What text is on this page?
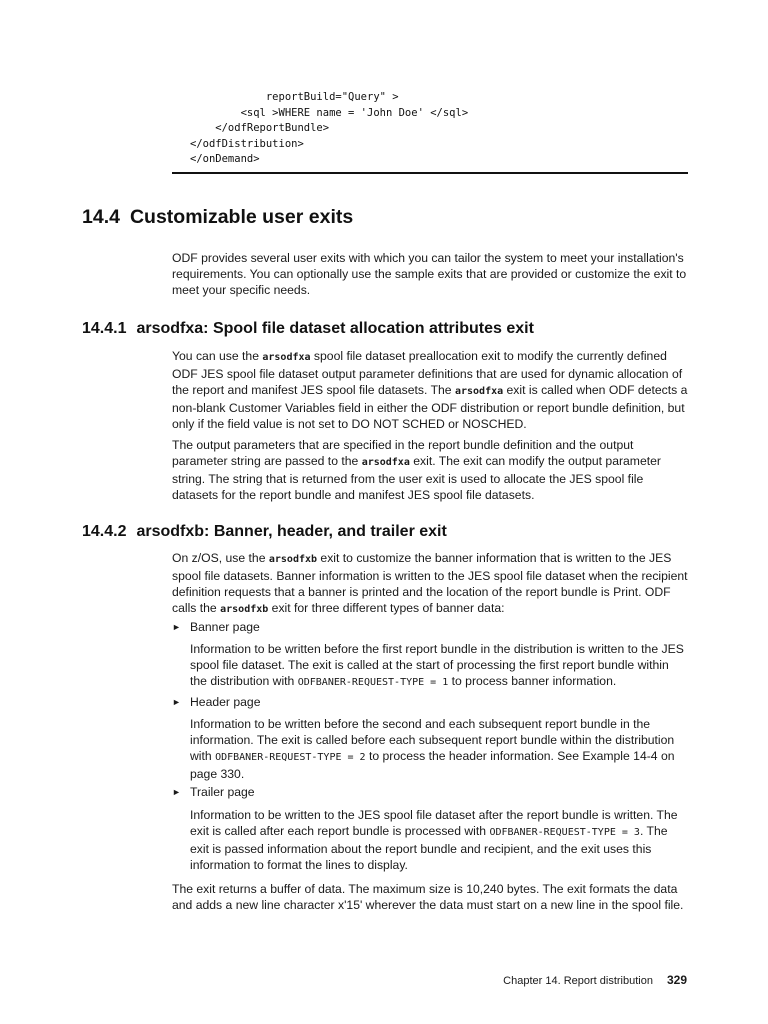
reportBuild="Query" >
<sql >WHERE name = 'John Doe' </sql>
</odfReportBundle>
</odfDistribution>
</onDemand>
14.4 Customizable user exits

ODF provides several user exits with which you can tailor the system to meet your installation's requirements. You can optionally use the sample exits that are provided or customize the exit to meet your specific needs.

14.4.1 arsodfxa: Spool file dataset allocation attributes exit

You can use the arsodfxa spool file dataset preallocation exit to modify the currently defined ODF JES spool file dataset output parameter definitions that are used for dynamic allocation of the report and manifest JES spool file datasets. The arsodfxa exit is called when ODF detects a non-blank Customer Variables field in either the ODF distribution or report bundle definition, but only if the field value is not set to DO NOT SCHED or NOSCHED.

The output parameters that are specified in the report bundle definition and the output parameter string are passed to the arsodfxa exit. The exit can modify the output parameter string. The string that is returned from the user exit is used to allocate the JES spool file datasets for the report bundle and manifest JES spool file datasets.

14.4.2 arsodfxb: Banner, header, and trailer exit

On z/OS, use the arsodfxb exit to customize the banner information that is written to the JES spool file datasets. Banner information is written to the JES spool file dataset when the recipient definition requests that a banner is printed and the location of the report bundle is Print. ODF calls the arsodfxb exit for three different types of banner data:

► Banner page

Information to be written before the first report bundle in the distribution is written to the JES spool file dataset. The exit is called at the start of processing the first report bundle within the distribution with ODFBANER-REQUEST-TYPE = 1 to process banner information.

► Header page

Information to be written before the second and each subsequent report bundle in the information. The exit is called before each subsequent report bundle within the distribution with ODFBANER-REQUEST-TYPE = 2 to process the header information. See Example 14-4 on page 330.

► Trailer page

Information to be written to the JES spool file dataset after the report bundle is written. The exit is called after each report bundle is processed with ODFBANER-REQUEST-TYPE = 3. The exit is passed information about the report bundle and recipient, and the exit uses this information to format the lines to display.

The exit returns a buffer of data. The maximum size is 10,240 bytes. The exit formats the data and adds a new line character x'15' wherever the data must start on a new line in the spool file.

Chapter 14. Report distribution 329
